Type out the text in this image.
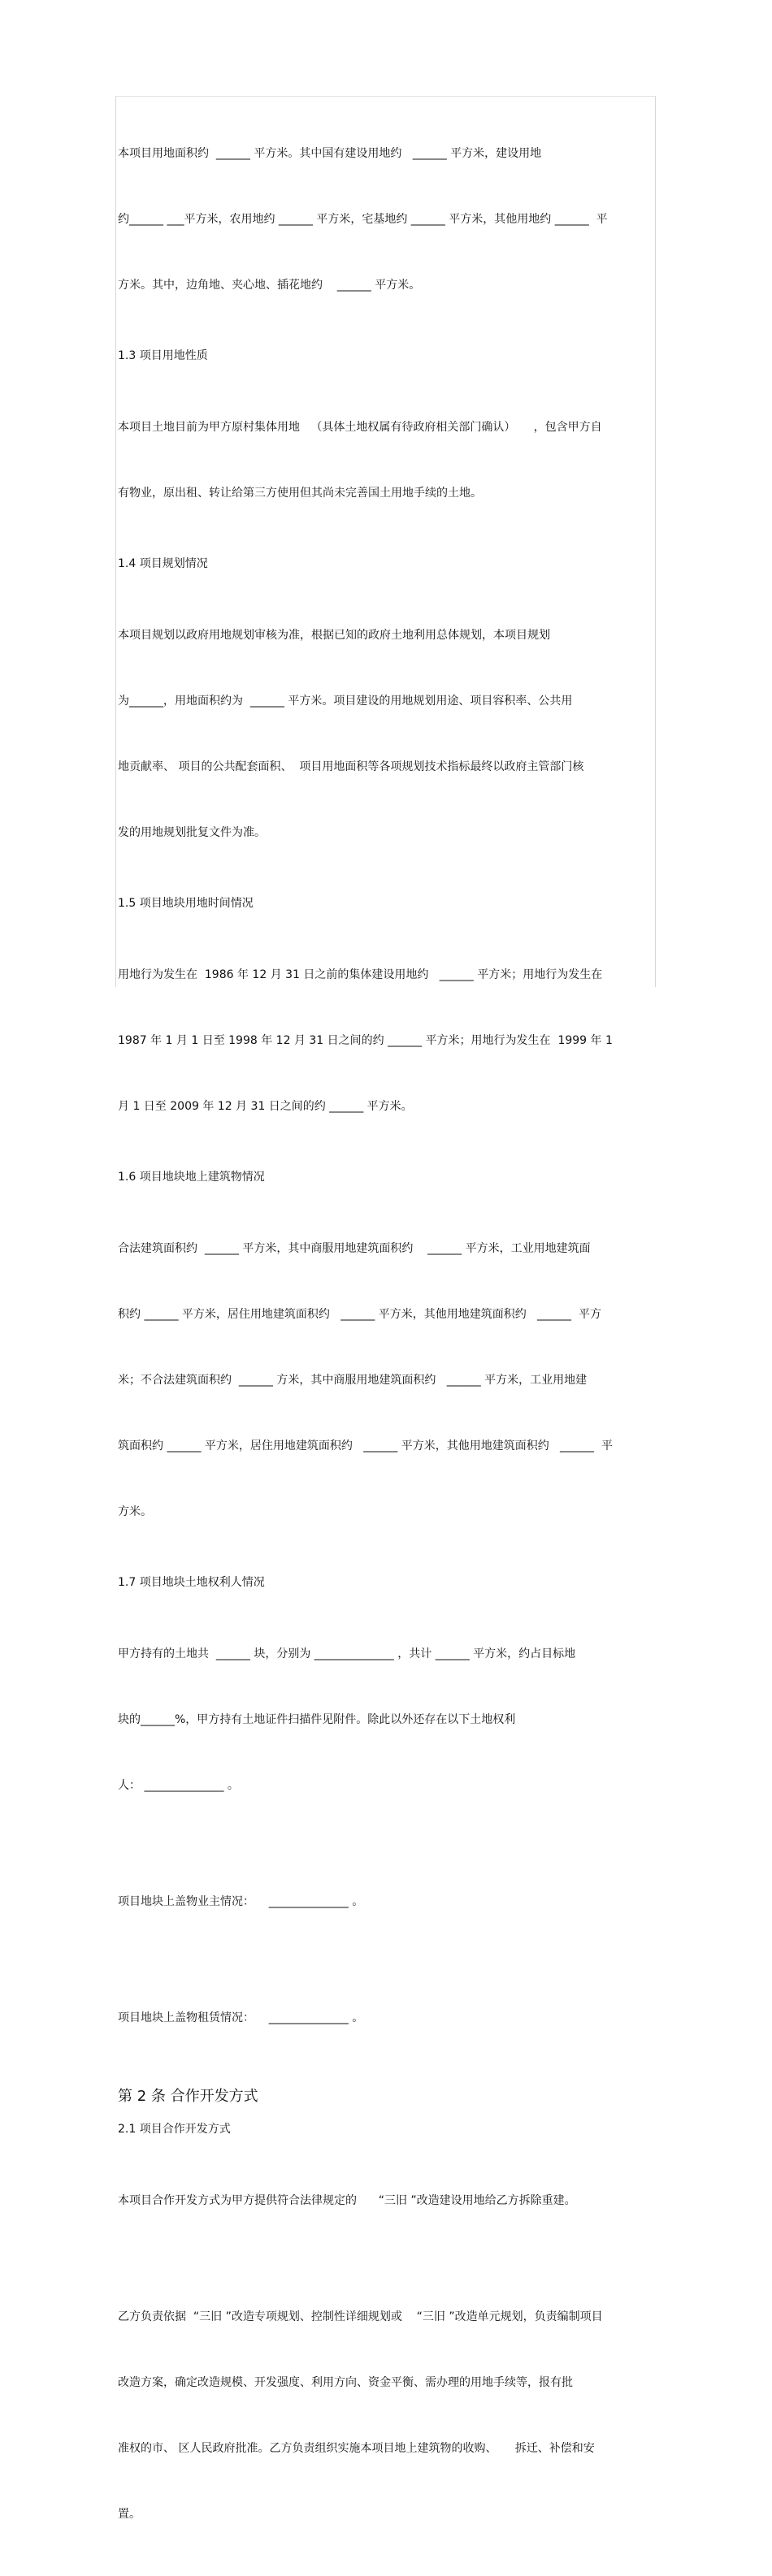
本项目用地面积约  ______ 平方米。其中国有建设用地约   ______ 平方米，建设用地

约______ ___平方米，农用地约 ______ 平方米，宅基地约 ______ 平方米，其他用地约 ______  平

方米。其中，边角地、夹心地、插花地约    ______ 平方米。

1.3 项目用地性质

本项目土地目前为甲方原村集体用地   （具体土地权属有待政府相关部门确认）     ，包含甲方自

有物业，原出租、转让给第三方使用但其尚未完善国土用地手续的土地。

1.4 项目规划情况

本项目规划以政府用地规划审核为准，根据已知的政府土地利用总体规划，本项目规划

为______，用地面积约为  ______ 平方米。项目建设的用地规划用途、项目容积率、公共用

地贡献率、 项目的公共配套面积、  项目用地面积等各项规划技术指标最终以政府主管部门核

发的用地规划批复文件为准。

1.5 项目地块用地时间情况

用地行为发生在  1986 年 12 月 31 日之前的集体建设用地约   ______ 平方米；用地行为发生在

1987 年 1 月 1 日至 1998 年 12 月 31 日之间的约 ______ 平方米；用地行为发生在  1999 年 1

月 1 日至 2009 年 12 月 31 日之间的约 ______ 平方米。

1.6 项目地块地上建筑物情况

合法建筑面积约  ______ 平方米，其中商服用地建筑面积约    ______ 平方米，工业用地建筑面

积约 ______ 平方米，居住用地建筑面积约   ______ 平方米，其他用地建筑面积约   ______  平方

米；不合法建筑面积约  ______ 方米，其中商服用地建筑面积约   ______ 平方米，工业用地建

筑面积约 ______ 平方米，居住用地建筑面积约   ______ 平方米，其他用地建筑面积约   ______  平

方米。

1.7 项目地块土地权利人情况

甲方持有的土地共  ______ 块，分别为 ______________ ，共计 ______ 平方米，约占目标地

块的______%，甲方持有土地证件扫描件见附件。除此以外还存在以下土地权利

人： ______________ 。

项目地块上盖物业主情况：    ______________ 。

项目地块上盖物租赁情况：    ______________ 。

第 2 条 合作开发方式
2.1 项目合作开发方式

本项目合作开发方式为甲方提供符合法律规定的      “三旧 ”改造建设用地给乙方拆除重建。

乙方负责依据  “三旧 ”改造专项规划、控制性详细规划或    “三旧 ”改造单元规划，负责编制项目

改造方案，确定改造规模、开发强度、利用方向、资金平衡、需办理的用地手续等，报有批

准权的市、 区人民政府批准。乙方负责组织实施本项目地上建筑物的收购、     拆迁、补偿和安

置。
